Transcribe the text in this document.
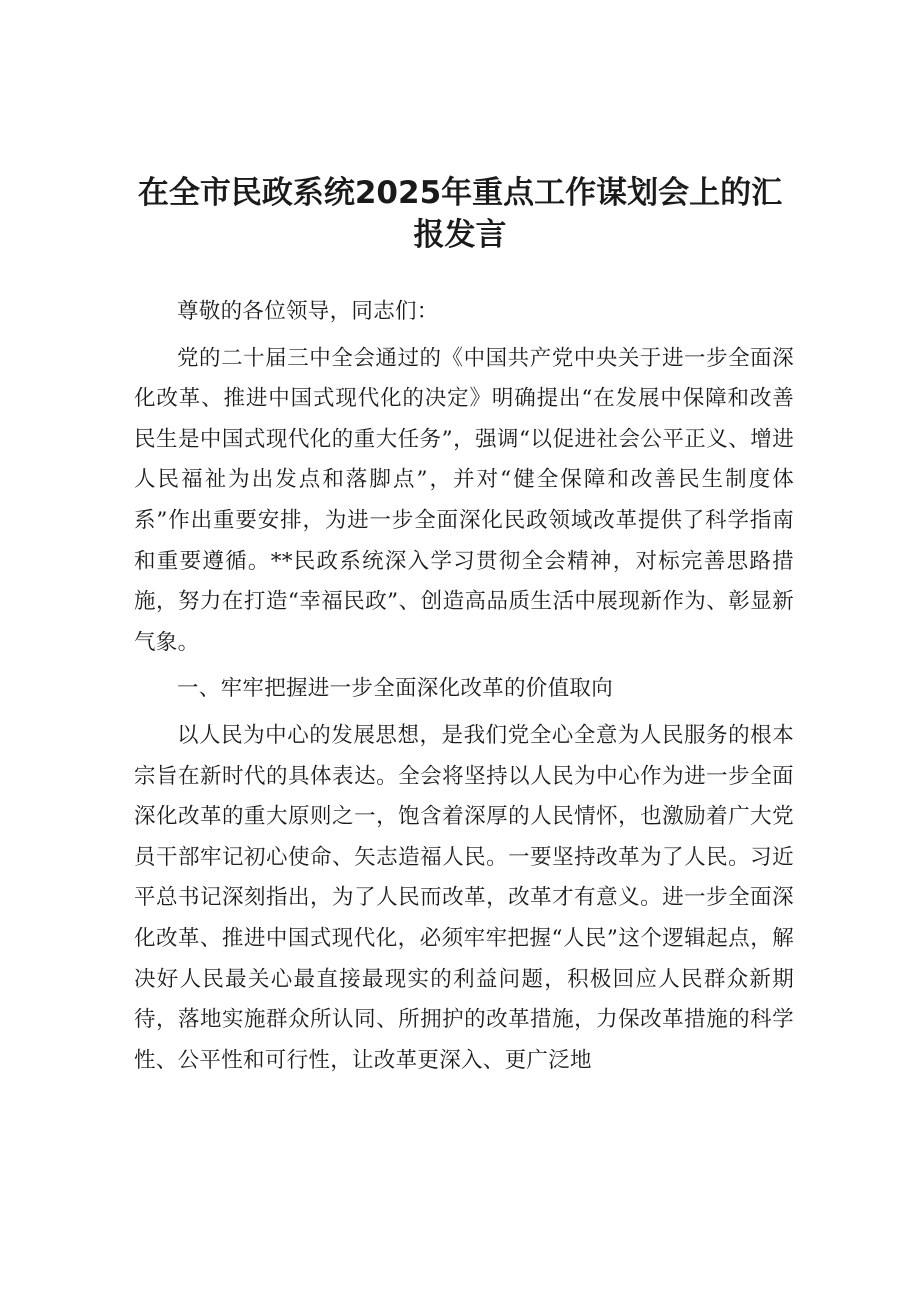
在全市民政系统2025年重点工作谋划会上的汇
报发言

尊敬的各位领导，同志们：

党的二十届三中全会通过的《中国共产党中央关于进一步全面深化改革、推进中国式现代化的决定》明确提出“在发展中保障和改善民生是中国式现代化的重大任务”，强调“以促进社会公平正义、增进人民福祉为出发点和落脚点”，并对“健全保障和改善民生制度体系”作出重要安排，为进一步全面深化民政领域改革提供了科学指南和重要遵循。**民政系统深入学习贯彻全会精神，对标完善思路措施，努力在打造“幸福民政”、创造高品质生活中展现新作为、彰显新气象。

一、牢牢把握进一步全面深化改革的价值取向

以人民为中心的发展思想，是我们党全心全意为人民服务的根本宗旨在新时代的具体表达。全会将坚持以人民为中心作为进一步全面深化改革的重大原则之一，饱含着深厚的人民情怀，也激励着广大党员干部牢记初心使命、矢志造福人民。一要坚持改革为了人民。习近平总书记深刻指出，为了人民而改革，改革才有意义。进一步全面深化改革、推进中国式现代化，必须牢牢把握“人民”这个逻辑起点，解决好人民最关心最直接最现实的利益问题，积极回应人民群众新期待，落地实施群众所认同、所拥护的改革措施，力保改革措施的科学性、公平性和可行性，让改革更深入、更广泛地
